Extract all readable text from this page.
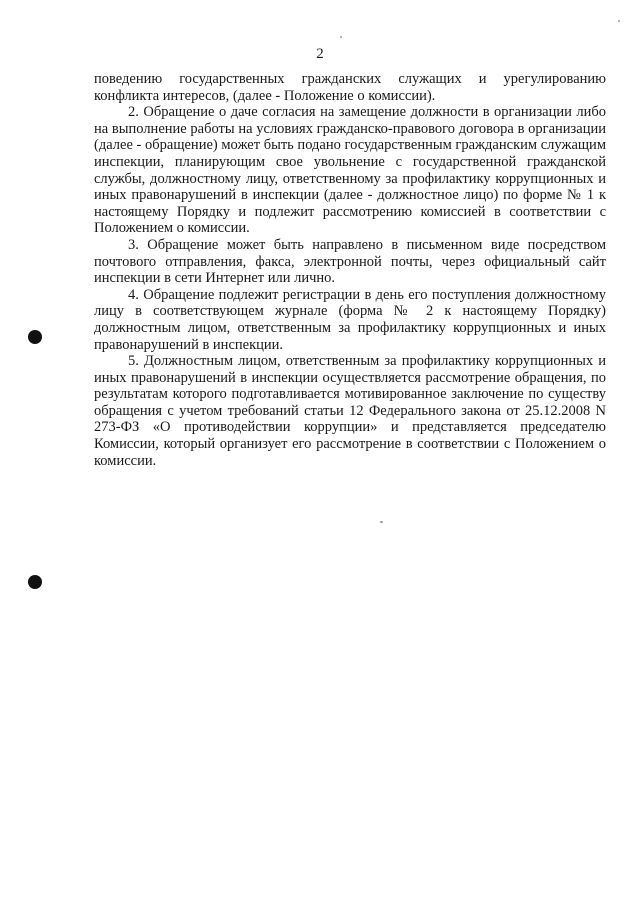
2

поведению государственных гражданских служащих и урегулированию конфликта интересов, (далее - Положение о комиссии).

2. Обращение о даче согласия на замещение должности в организации либо на выполнение работы на условиях гражданско-правового договора в организации (далее - обращение) может быть подано государственным гражданским служащим инспекции, планирующим свое увольнение с государственной гражданской службы, должностному лицу, ответственному за профилактику коррупционных и иных правонарушений в инспекции (далее - должностное лицо) по форме № 1 к настоящему Порядку и подлежит рассмотрению комиссией в соответствии с Положением о комиссии.

3. Обращение может быть направлено в письменном виде посредством почтового отправления, факса, электронной почты, через официальный сайт инспекции в сети Интернет или лично.

4. Обращение подлежит регистрации в день его поступления должностному лицу в соответствующем журнале (форма № 2 к настоящему Порядку) должностным лицом, ответственным за профилактику коррупционных и иных правонарушений в инспекции.

5. Должностным лицом, ответственным за профилактику коррупционных и иных правонарушений в инспекции осуществляется рассмотрение обращения, по результатам которого подготавливается мотивированное заключение по существу обращения с учетом требований статьи 12 Федерального закона от 25.12.2008 N 273-ФЗ «О противодействии коррупции» и представляется председателю Комиссии, который организует его рассмотрение в соответствии с Положением о комиссии.
